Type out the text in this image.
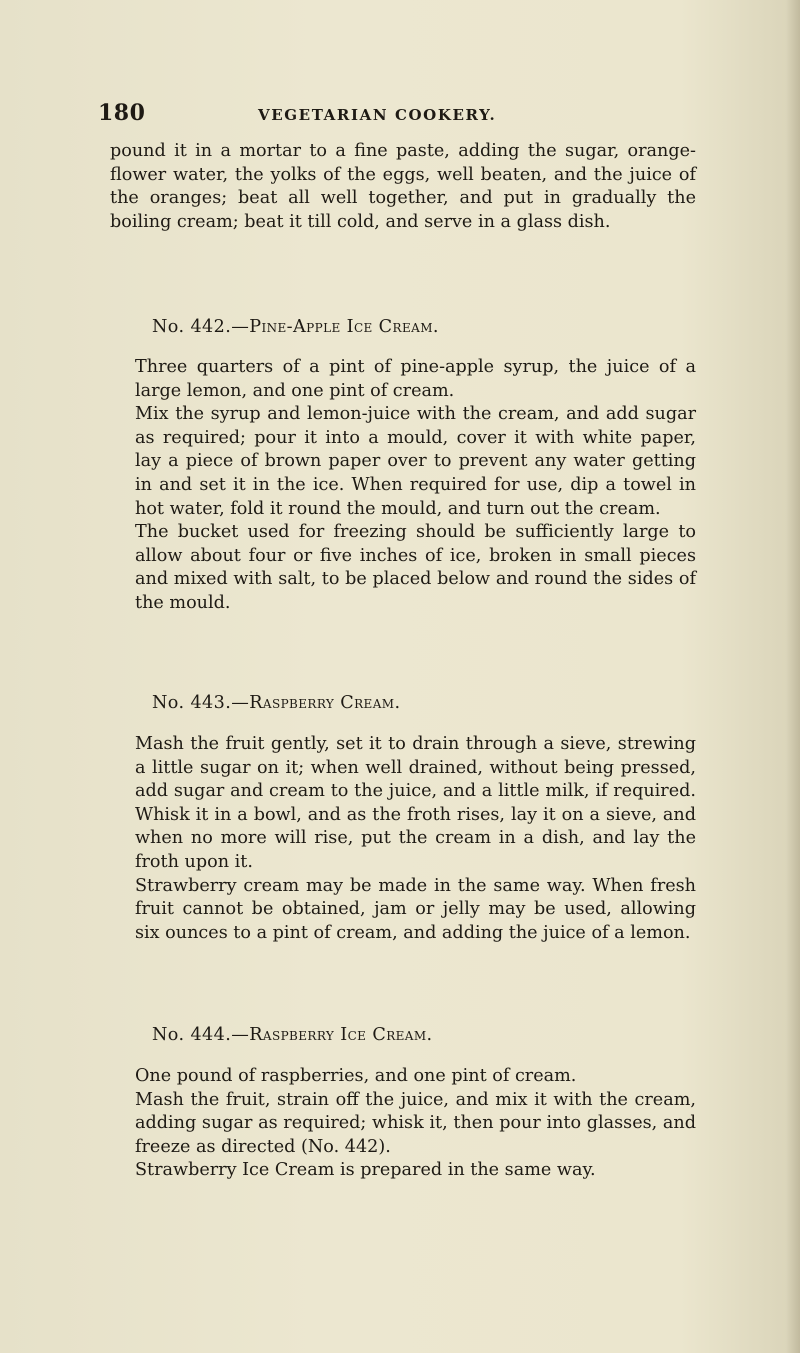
180	VEGETARIAN COOKERY.

pound it in a mortar to a fine paste, adding the sugar, orange-flower water, the yolks of the eggs, well beaten, and the juice of the oranges; beat all well together, and put in gradually the boiling cream; beat it till cold, and serve in a glass dish.

No. 442.—Pine-Apple Ice Cream.

Three quarters of a pint of pine-apple syrup, the juice of a large lemon, and one pint of cream.

Mix the syrup and lemon-juice with the cream, and add sugar as required; pour it into a mould, cover it with white paper, lay a piece of brown paper over to prevent any water getting in and set it in the ice. When required for use, dip a towel in hot water, fold it round the mould, and turn out the cream.

The bucket used for freezing should be sufficiently large to allow about four or five inches of ice, broken in small pieces and mixed with salt, to be placed below and round the sides of the mould.

No. 443.—Raspberry Cream.

Mash the fruit gently, set it to drain through a sieve, strewing a little sugar on it; when well drained, without being pressed, add sugar and cream to the juice, and a little milk, if required. Whisk it in a bowl, and as the froth rises, lay it on a sieve, and when no more will rise, put the cream in a dish, and lay the froth upon it.

Strawberry cream may be made in the same way. When fresh fruit cannot be obtained, jam or jelly may be used, allowing six ounces to a pint of cream, and adding the juice of a lemon.

No. 444.—Raspberry Ice Cream.

One pound of raspberries, and one pint of cream.

Mash the fruit, strain off the juice, and mix it with the cream, adding sugar as required; whisk it, then pour into glasses, and freeze as directed (No. 442).

Strawberry Ice Cream is prepared in the same way.
